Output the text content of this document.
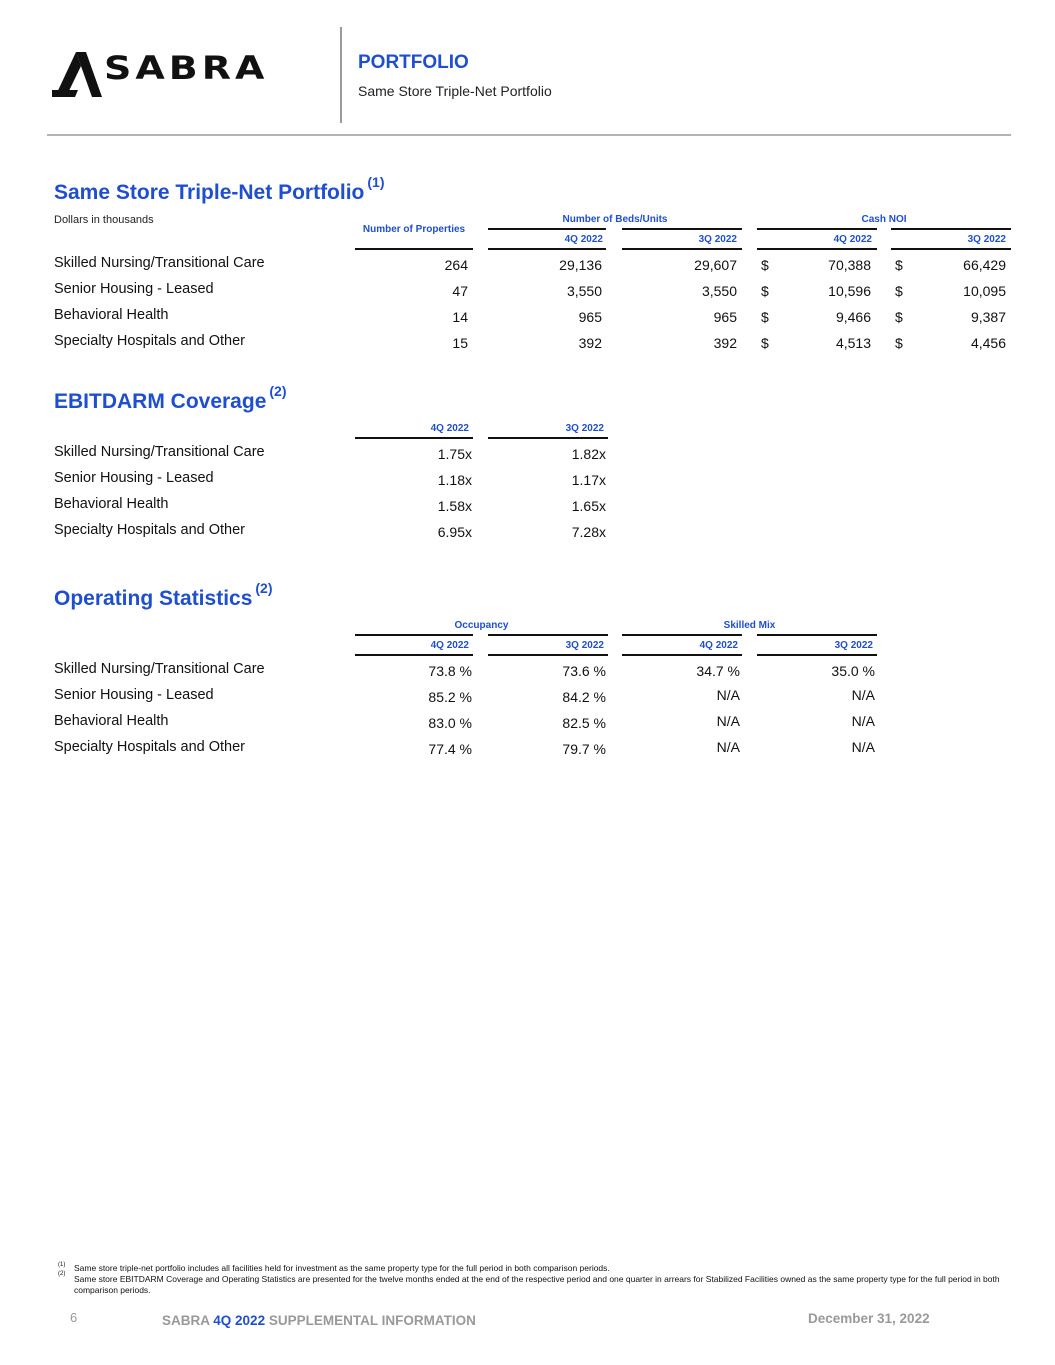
SABRA	PORTFOLIO
Same Store Triple-Net Portfolio
Same Store Triple-Net Portfolio $^{(1)}$
Dollars in thousands
Number of Properties
Number of Beds/Units
4Q 2022	3Q 2022
Cash NOI
4Q 2022	3Q 2022
Skilled Nursing/Transitional Care	264	29,136	29,607 $	70,388 $	66,429
Senior Housing - Leased	47	3,550	3,550 $	10,596 $	10,095
Behavioral Health	14	965	965 $	9,466 $	9,387
Specialty Hospitals and Other	15	392	392 $	4,513 $	4,456
EBITDARM Coverage $^{(2)}$
4Q 2022	3Q 2022
Skilled Nursing/Transitional Care	1.75x	1.82x
Senior Housing - Leased	1.18x	1.17x
Behavioral Health	1.58x	1.65x
Specialty Hospitals and Other	6.95x	7.28x
Operating Statistics $^{(2)}$
Occupancy
4Q 2022	3Q 2022
Skilled Mix
4Q 2022	3Q 2022
Skilled Nursing/Transitional Care	73.8 %	73.6 %	34.7 %	35.0 %
Senior Housing - Leased	85.2 %	84.2 %	N/A	N/A
Behavioral Health	83.0 %	82.5 %	N/A	N/A
Specialty Hospitals and Other	77.4 %	79.7 %	N/A	N/A
(1) Same store triple-net portfolio includes all facilities held for investment as the same property type for the full period in both comparison periods.
(2) Same store EBITDARM Coverage and Operating Statistics are presented for the twelve months ended at the end of the respective period and one quarter in arrears for Stabilized Facilities owned as the same property type for the full period in both comparison periods.
6	SABRA 4Q 2022 SUPPLEMENTAL INFORMATION	December 31, 2022
